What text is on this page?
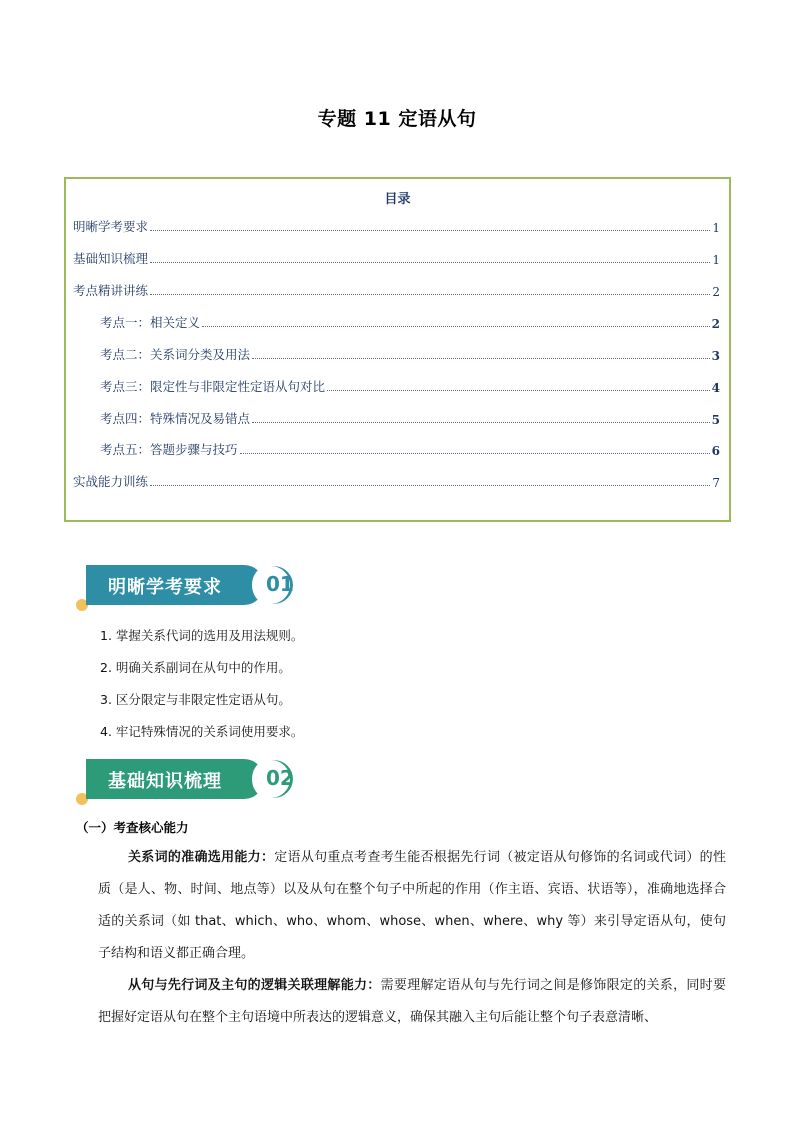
专题 11 定语从句
目录
明晰学考要求	1
基础知识梳理	1
考点精讲讲练	2
考点一：相关定义	2
考点二：关系词分类及用法	3
考点三：限定性与非限定性定语从句对比	4
考点四：特殊情况及易错点	5
考点五：答题步骤与技巧	6
实战能力训练	7
明晰学考要求 01
1. 掌握关系代词的选用及用法规则。
2. 明确关系副词在从句中的作用。
3. 区分限定与非限定性定语从句。
4. 牢记特殊情况的关系词使用要求。
基础知识梳理 02
（一）考查核心能力

关系词的准确选用能力：定语从句重点考查考生能否根据先行词（被定语从句修饰的名词或代词）的性质（是人、物、时间、地点等）以及从句在整个句子中所起的作用（作主语、宾语、状语等），准确地选择合适的关系词（如 that、which、who、whom、whose、when、where、why 等）来引导定语从句，使句子结构和语义都正确合理。

从句与先行词及主句的逻辑关联理解能力：需要理解定语从句与先行词之间是修饰限定的关系，同时要把握好定语从句在整个主句语境中所表达的逻辑意义，确保其融入主句后能让整个句子表意清晰、
